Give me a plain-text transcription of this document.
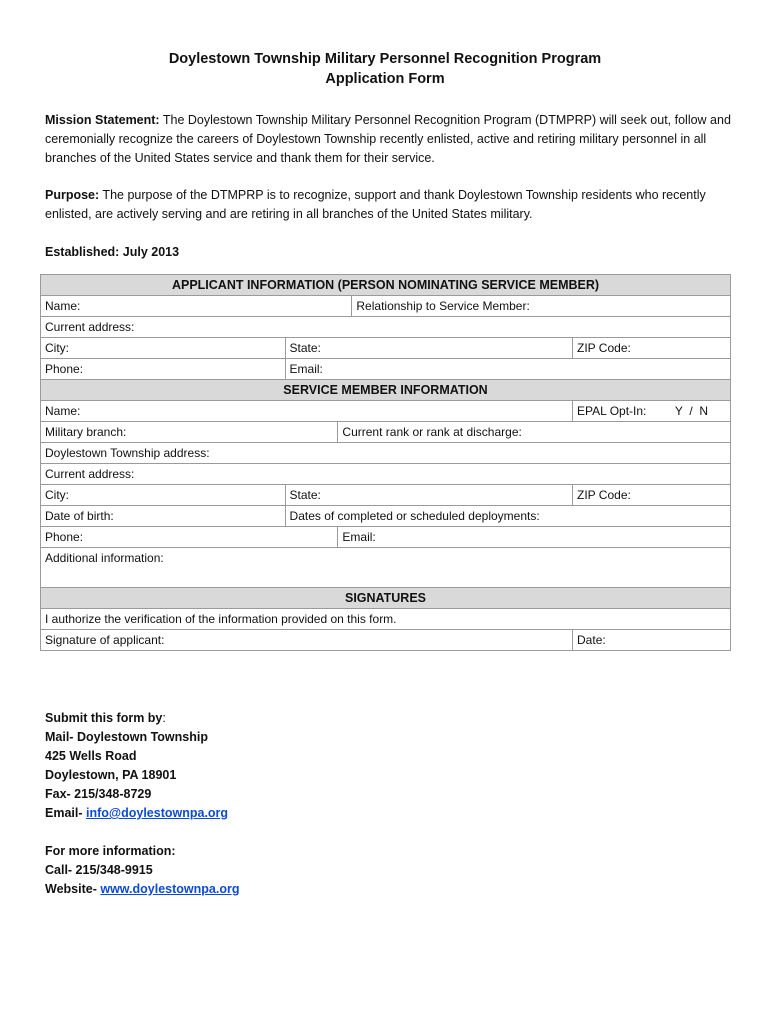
Doylestown Township Military Personnel Recognition Program
Application Form
Mission Statement: The Doylestown Township Military Personnel Recognition Program (DTMPRP) will seek out, follow and ceremonially recognize the careers of Doylestown Township recently enlisted, active and retiring military personnel in all branches of the United States service and thank them for their service.
Purpose: The purpose of the DTMPRP is to recognize, support and thank Doylestown Township residents who recently enlisted, are actively serving and are retiring in all branches of the United States military.
Established: July 2013
APPLICANT INFORMATION (PERSON NOMINATING SERVICE MEMBER)				
Name:			Relationship to Service Member:	
Current address:				
City:	State:			ZIP Code:
Phone:	Email:			
SERVICE MEMBER INFORMATION				
Name:				EPAL Opt-In: Y  /  N

Military branch:		Current rank or rank at discharge:		
Doylestown Township address:				
Current address:				
City:	State:			ZIP Code:
Date of birth:	Dates of completed or scheduled deployments:			
Phone:		Email:		
Additional information:				
SIGNATURES				
I authorize the verification of the information provided on this form.				
Signature of applicant:				Date:
Submit this form by:
Mail- Doylestown Township
425 Wells Road
Doylestown, PA 18901
Fax- 215/348-8729
Email- info@doylestownpa.org
For more information:
Call- 215/348-9915
Website- www.doylestownpa.org
